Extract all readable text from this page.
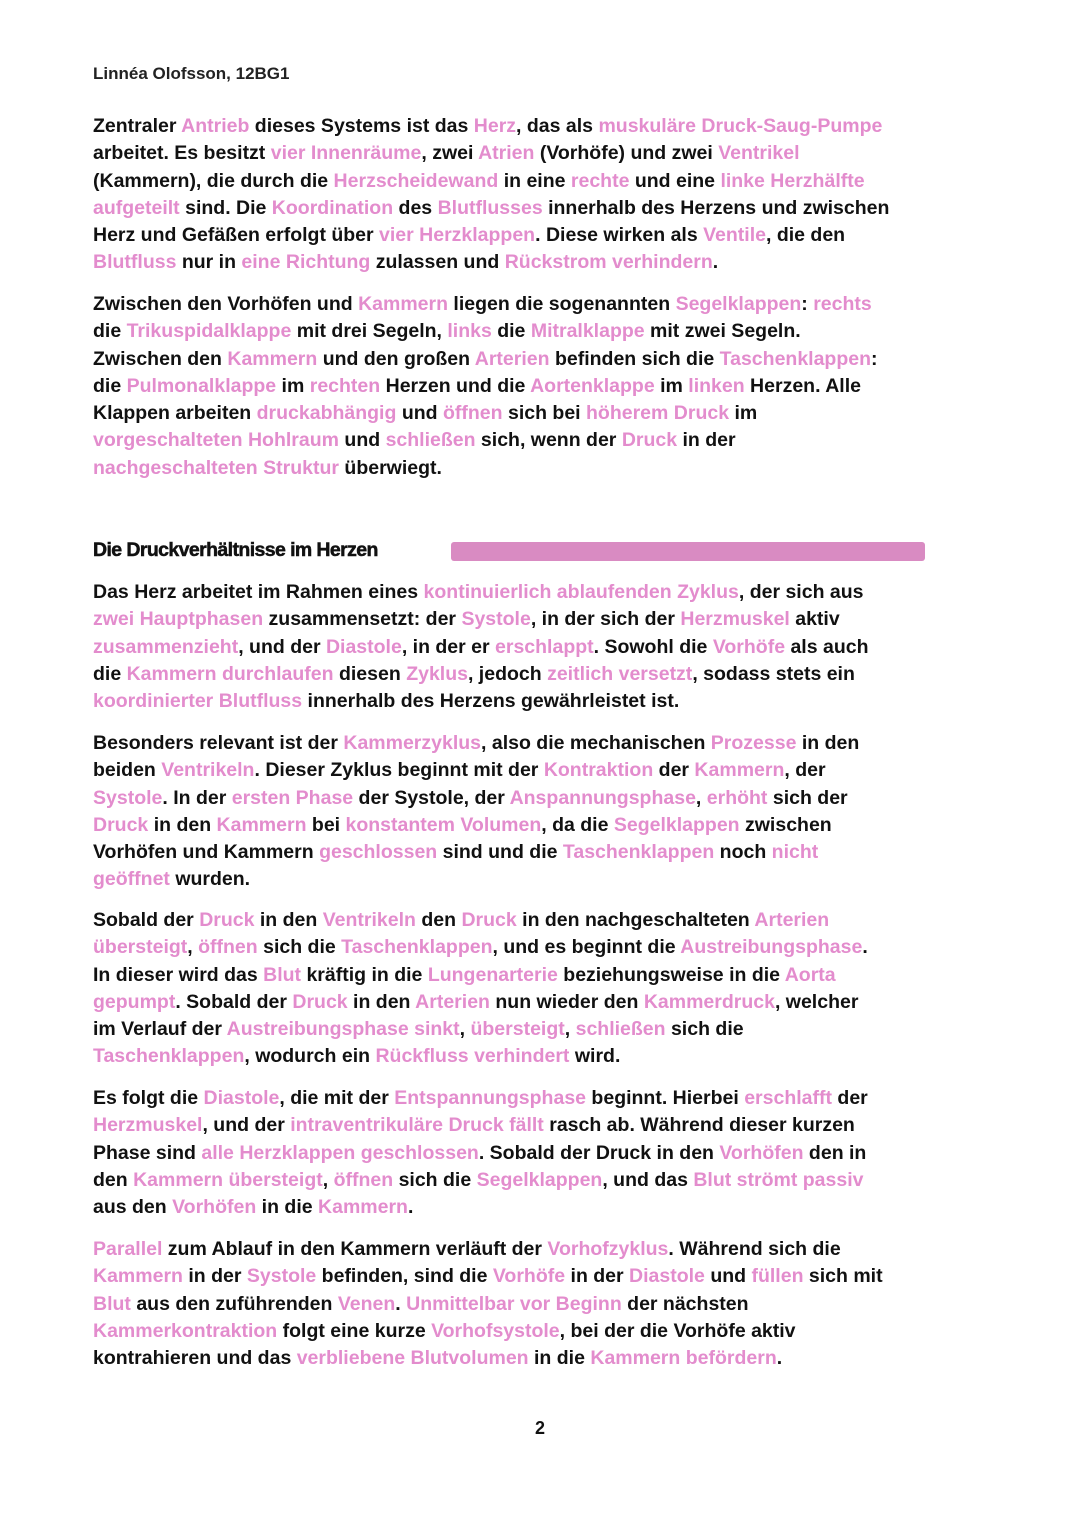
Linnéa Olofsson, 12BG1
Zentraler Antrieb dieses Systems ist das Herz, das als muskuläre Druck-Saug-Pumpe
arbeitet. Es besitzt vier Innenräume, zwei Atrien (Vorhöfe) und zwei Ventrikel
(Kammern), die durch die Herzscheidewand in eine rechte und eine linke Herzhälfte
aufgeteilt sind. Die Koordination des Blutflusses innerhalb des Herzens und zwischen
Herz und Gefäßen erfolgt über vier Herzklappen. Diese wirken als Ventile, die den
Blutfluss nur in eine Richtung zulassen und Rückstrom verhindern.
Zwischen den Vorhöfen und Kammern liegen die sogenannten Segelklappen: rechts
die Trikuspidalklappe mit drei Segeln, links die Mitralklappe mit zwei Segeln.
Zwischen den Kammern und den großen Arterien befinden sich die Taschenklappen:
die Pulmonalklappe im rechten Herzen und die Aortenklappe im linken Herzen. Alle
Klappen arbeiten druckabhängig und öffnen sich bei höherem Druck im
vorgeschalteten Hohlraum und schließen sich, wenn der Druck in der
nachgeschalteten Struktur überwiegt.
Die Druckverhältnisse im Herzen
Das Herz arbeitet im Rahmen eines kontinuierlich ablaufenden Zyklus, der sich aus
zwei Hauptphasen zusammensetzt: der Systole, in der sich der Herzmuskel aktiv
zusammenzieht, und der Diastole, in der er erschlappt. Sowohl die Vorhöfe als auch
die Kammern durchlaufen diesen Zyklus, jedoch zeitlich versetzt, sodass stets ein
koordinierter Blutfluss innerhalb des Herzens gewährleistet ist.
Besonders relevant ist der Kammerzyklus, also die mechanischen Prozesse in den
beiden Ventrikeln. Dieser Zyklus beginnt mit der Kontraktion der Kammern, der
Systole. In der ersten Phase der Systole, der Anspannungsphase, erhöht sich der
Druck in den Kammern bei konstantem Volumen, da die Segelklappen zwischen
Vorhöfen und Kammern geschlossen sind und die Taschenklappen noch nicht
geöffnet wurden.
Sobald der Druck in den Ventrikeln den Druck in den nachgeschalteten Arterien
übersteigt, öffnen sich die Taschenklappen, und es beginnt die Austreibungsphase.
In dieser wird das Blut kräftig in die Lungenarterie beziehungsweise in die Aorta
gepumpt. Sobald der Druck in den Arterien nun wieder den Kammerdruck, welcher
im Verlauf der Austreibungsphase sinkt, übersteigt, schließen sich die
Taschenklappen, wodurch ein Rückfluss verhindert wird.
Es folgt die Diastole, die mit der Entspannungsphase beginnt. Hierbei erschlafft der
Herzmuskel, und der intraventrikuläre Druck fällt rasch ab. Während dieser kurzen
Phase sind alle Herzklappen geschlossen. Sobald der Druck in den Vorhöfen den in
den Kammern übersteigt, öffnen sich die Segelklappen, und das Blut strömt passiv
aus den Vorhöfen in die Kammern.
Parallel zum Ablauf in den Kammern verläuft der Vorhofzyklus. Während sich die
Kammern in der Systole befinden, sind die Vorhöfe in der Diastole und füllen sich mit
Blut aus den zuführenden Venen. Unmittelbar vor Beginn der nächsten
Kammerkontraktion folgt eine kurze Vorhofsystole, bei der die Vorhöfe aktiv
kontrahieren und das verbliebene Blutvolumen in die Kammern befördern.
2
